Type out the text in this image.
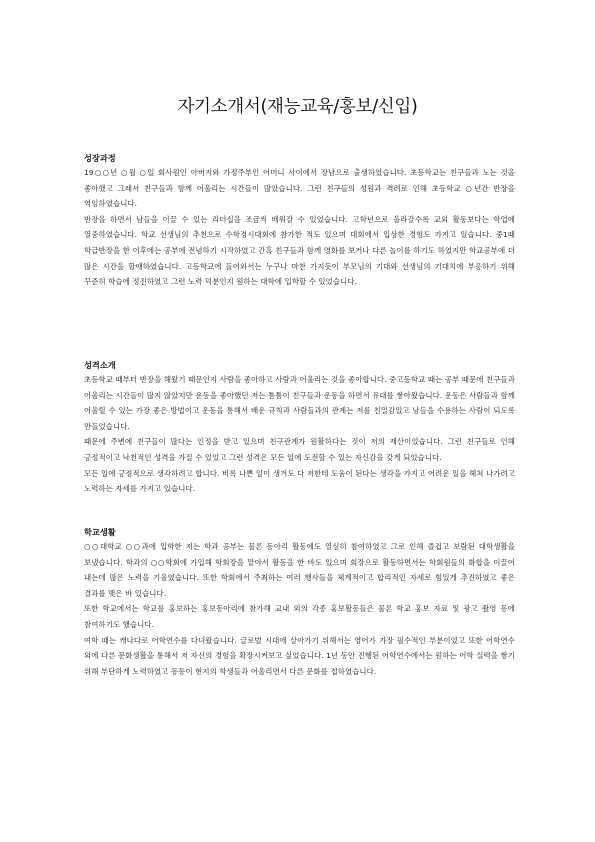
자기소개서(재능교육/홍보/신입)
성장과정
19○○년 ○월 ○일 회사원인 아버지와 가정주부인 어머니 사이에서 장남으로 출생하였습니다. 초등학교는 친구들과 노는 것을 좋아했고 그래서 친구들과 함께 어울리는 시간들이 많았습니다. 그런 친구들의 성원과 격려로 인해 초등학교 ○년간 반장을 역임하였습니다.
반장을 하면서 남들을 이끌 수 있는 리더십을 조금씩 배워갈 수 있었습니다. 고학년으로 올라갈수록 교외 활동보다는 학업에 열중하였습니다. 학교 선생님의 추천으로 수학경시대회에 참가한 적도 있으며 대회에서 입상한 경험도 가지고 있습니다. 중1때 학급반장을 한 이후에는 공부에 전념하기 시작하였고 간혹 친구들과 함께 영화를 보거나 다른 놀이를 하기도 하였지만 학교공부에 더 많은 시간을 할애하였습니다. 고등학교에 들어와서는 누구나 마찬 가지듯이 부모님의 기대와 선생님의 기대치에 부응하기 위해 꾸준히 학습에 정진하였고 그런 노력 덕분인지 원하는 대학에 입학할 수 있었습니다.
성격소개
초등학교 때부터 반장을 해왔기 때문인지 사람을 좋아하고 사람과 어울리는 것을 좋아합니다. 중고등학교 때는 공부 때문에 친구들과 어울리는 시간들이 많지 않았지만 운동을 좋아했던 저는 틈틈이 친구들과 운동을 하면서 유대를 쌓아왔습니다. 운동은 사람들과 함께 어울릴 수 있는 가장 좋은 방법이고 운동을 통해서 배운 규칙과 사람들과의 관계는 저를 친밀감있고 남들을 수용하는 사람이 되도록 만들었습니다.
때문에 주변에 친구들이 많다는 인정을 받고 있으며 친구관계가 원활하다는 것이 저의 재산이었습니다. 그런 친구들로 인해 긍정적이고 낙천적인 성격을 가질 수 있었고 그런 성격은 모든 일에 도전할 수 있는 자신감을 갖게 되었습니다.
모든 일에 긍정적으로 생각하려고 합니다. 비록 나쁜 일이 생겨도 다 저한테 도움이 된다는 생각을 가지고 어려운 일을 헤쳐 나가려고 노력하는 자세를 가지고 있습니다.
학교생활
○○대학교 ○○과에 입학한 저는 학과 공부는 물론 동아리 활동에도 열심히 참여하였고 그로 인해 즐겁고 보람된 대학생활을 보냈습니다. 학과의 ○○학회에 가입해 학회장을 맡아서 활동을 한 바도 있으며 회장으로 활동하면서는 학회원들의 화합을 이끌어 내는데 많은 노력을 기울였습니다. 또한 학회에서 주최하는 여러 행사들을 체계적이고 합리적인 자세로 힘있게 추진하였고 좋은 결과를 맺은 바 있습니다.
또한 학교에서는 학교를 홍보하는 홍보동아리에 참가해 교내 외의 각종 홍보활동들은 물론 학교 홍보 자료 및 광고 촬영 등에 참여하기도 했습니다.
여학 때는 캐나다로 어학연수를 다녀왔습니다. 글로벌 시대에 살아가기 위해서는 영어가 가장 필수적인 부분이었고 또한 어학연수 외에 다른 문화생활을 통해서 저 자신의 경험을 확장시켜보고 싶었습니다. 1년 동안 진행된 어학연수에서는 원하는 어학 실력을 쌓기 위해 부단하게 노력하였고 동등이 현지의 학생들과 어울리면서 다른 문화를 접하였습니다.
